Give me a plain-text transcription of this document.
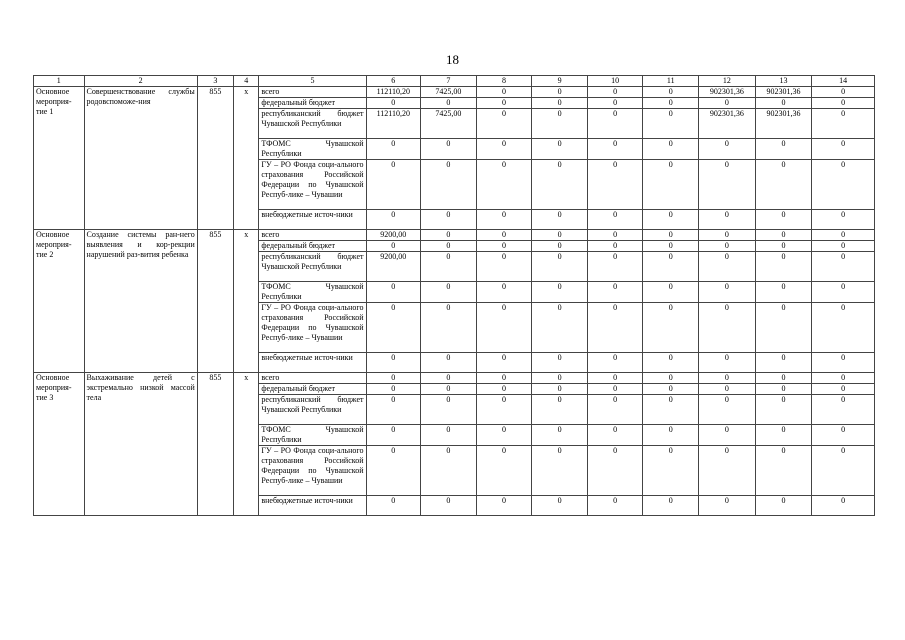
18
1	2	3	4	5	6	7	8	9	10	11	12	13	14
Основное мероприя-тие 1	Совершенствование службы родовспоможе-ния	855	х	всего	112110,20	7425,00	0	0	0	0	902301,36	902301,36	0
				федеральный бюджет	0	0	0	0	0	0	0	0	0
				республиканский бюджет Чувашской Республики	112110,20	7425,00	0	0	0	0	902301,36	902301,36	0
				ТФОМС Чувашской Республики	0	0	0	0	0	0	0	0	0
				ГУ – РО Фонда соци-ального страхования Российской Федерации по Чувашской Респуб-лике – Чувашии	0	0	0	0	0	0	0	0	0
				внебюджетные источ-ники	0	0	0	0	0	0	0	0	0
Основное мероприя-тие 2	Создание системы ран-него выявления и кор-рекции нарушений раз-вития ребенка	855	х	всего	9200,00	0	0	0	0	0	0	0	0
				федеральный бюджет	0	0	0	0	0	0	0	0	0
				республиканский бюджет Чувашской Республики	9200,00	0	0	0	0	0	0	0	0
				ТФОМС Чувашской Республики	0	0	0	0	0	0	0	0	0
				ГУ – РО Фонда соци-ального страхования Российской Федерации по Чувашской Респуб-лике – Чувашии	0	0	0	0	0	0	0	0	0
				внебюджетные источ-ники	0	0	0	0	0	0	0	0	0
Основное мероприя-тие 3	Выхаживание детей с экстремально низкой массой тела	855	х	всего	0	0	0	0	0	0	0	0	0
				федеральный бюджет	0	0	0	0	0	0	0	0	0
				республиканский бюджет Чувашской Республики	0	0	0	0	0	0	0	0	0
				ТФОМС Чувашской Республики	0	0	0	0	0	0	0	0	0
				ГУ – РО Фонда соци-ального страхования Российской Федерации по Чувашской Респуб-лике – Чувашии	0	0	0	0	0	0	0	0	0
				внебюджетные источ-ники	0	0	0	0	0	0	0	0	0
